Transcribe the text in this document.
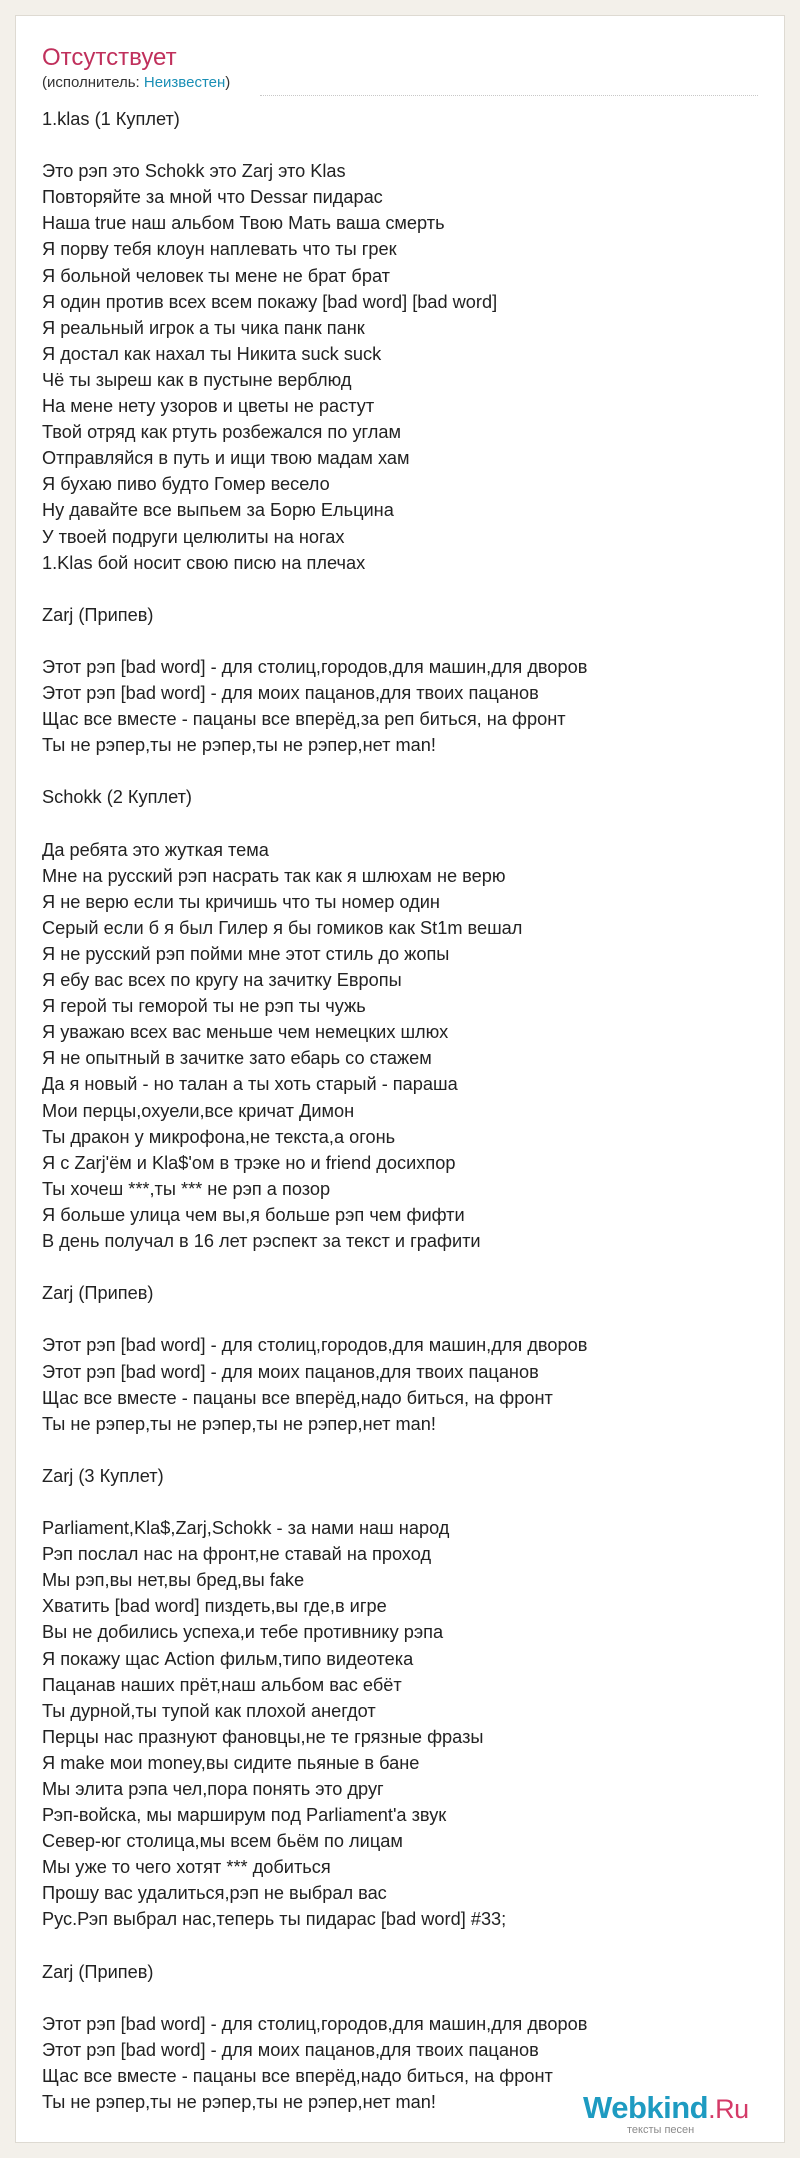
Отсутствует
(исполнитель: Неизвестен)
1.klas (1 Куплет)
Это рэп это Schokk это Zarj это Klas
Повторяйте за мной что Dessar пидарас
Наша true наш альбом Твою Мать ваша смерть
Я порву тебя клоун наплевать что ты грек
Я больной человек ты мене не брат брат
Я один против всех всем покажу [bad word] [bad word]
Я реальный игрок а ты чика панк панк
Я достал как нахал ты Никита suck suck
Чё ты зыреш как в пустыне верблюд
На мене нету узоров и цветы не растут
Твой отряд как ртуть розбежался по углам
Отправляйся в путь и ищи твою мадам хам
Я бухаю пиво будто Гомер весело
Ну давайте все выпьем за Борю Ельцина
У твоей подруги целюлиты на ногах
1.Klas бой носит свою писю на плечах
Zarj (Припев)
Этот рэп [bad word] - для столиц,городов,для машин,для дворов
Этот рэп [bad word] - для моих пацанов,для твоих пацанов
Щас все вместе - пацаны все вперёд,за реп биться, на фронт
Ты не рэпер,ты не рэпер,ты не рэпер,нет man!
Schokk (2 Куплет)
Да ребята это жуткая тема
Мне на русский рэп насрать так как я шлюхам не верю
Я не верю если ты кричишь что ты номер один
Серый если б я был Гилер я бы гомиков как St1m вешал
Я не русский рэп пойми мне этот стиль до жопы
Я ебу вас всех по кругу на зачитку Европы
Я герой ты геморой ты не рэп ты чужь
Я уважаю всех вас меньше чем немецких шлюх
Я не опытный в зачитке зато ебарь со стажем
Да я новый - но талан а ты хоть старый - параша
Мои перцы,охуели,все кричат Димон
Ты дракон у микрофона,не текста,а огонь
Я с Zarj'ём и Kla$'ом в трэке но и friend досихпор
Ты хочеш ***,ты *** не рэп а позор
Я больше улица чем вы,я больше рэп чем фифти
В день получал в 16 лет рэспект за текст и графити
Zarj (Припев)
Этот рэп [bad word] - для столиц,городов,для машин,для дворов
Этот рэп [bad word] - для моих пацанов,для твоих пацанов
Щас все вместе - пацаны все вперёд,надо биться, на фронт
Ты не рэпер,ты не рэпер,ты не рэпер,нет man!
Zarj (3 Куплет)
Parliament,Kla$,Zarj,Schokk - за нами наш народ
Рэп послал нас на фронт,не ставай на проход
Мы рэп,вы нет,вы бред,вы fake
Хватить [bad word] пиздеть,вы где,в игре
Вы не добились успеха,и тебе противнику рэпа
Я покажу щас Action фильм,типо видеотека
Пацанав наших прёт,наш альбом вас ебёт
Ты дурной,ты тупой как плохой анегдот
Перцы нас празнуют фановцы,не те грязные фразы
Я make мои money,вы сидите пьяные в бане
Мы элита рэпа чел,пора понять это друг
Рэп-войска, мы марширум под Parliament'а звук
Север-юг столица,мы всем бьём по лицам
Мы уже то чего хотят *** добиться
Прошу вас удалиться,рэп не выбрал вас
Рус.Рэп выбрал нас,теперь ты пидарас [bad word] #33;
Zarj (Припев)
Этот рэп [bad word] - для столиц,городов,для машин,для дворов
Этот рэп [bad word] - для моих пацанов,для твоих пацанов
Щас все вместе - пацаны все вперёд,надо биться, на фронт
Ты не рэпер,ты не рэпер,ты не рэпер,нет man!	Webkind.Ru
тексты песен
